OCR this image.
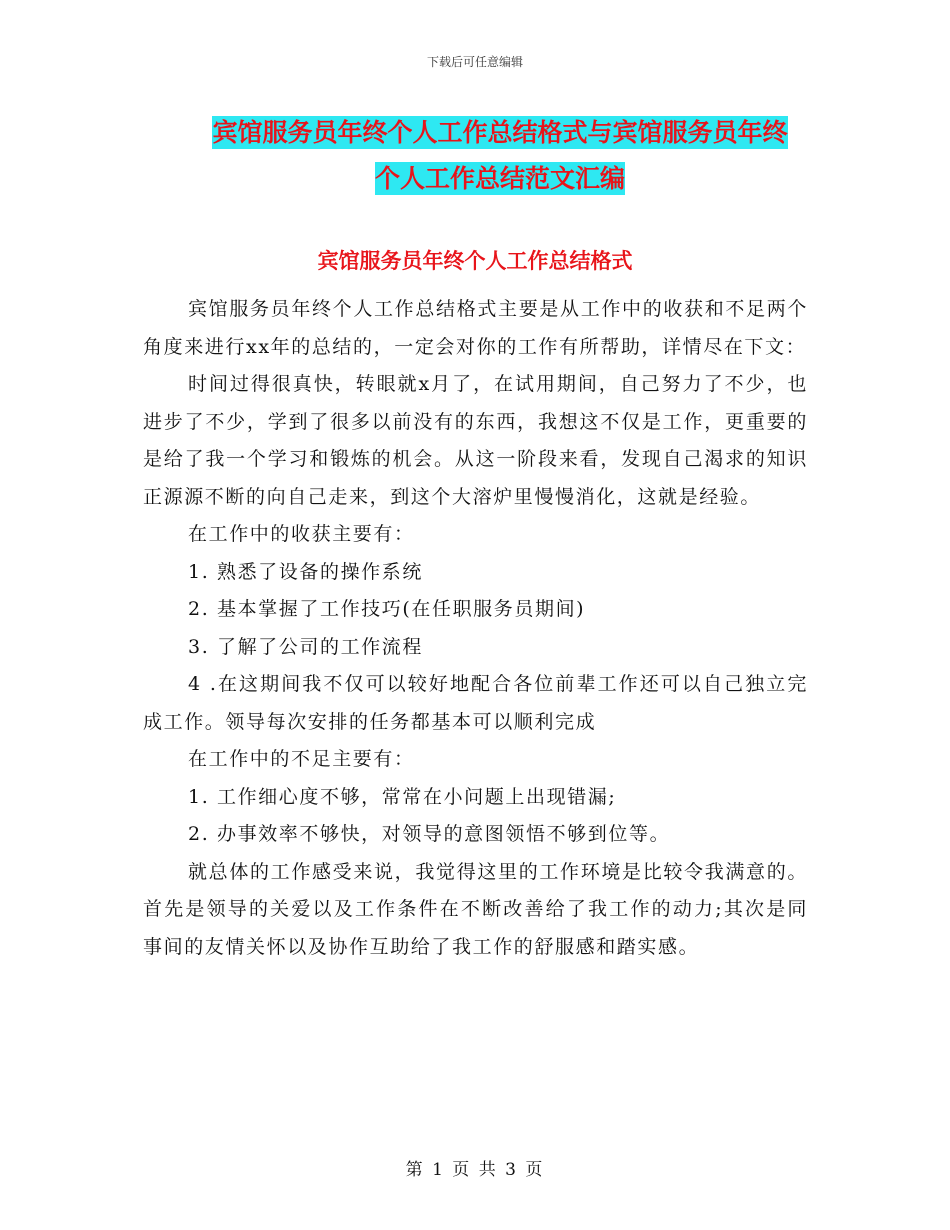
下载后可任意编辑
宾馆服务员年终个人工作总结格式与宾馆服务员年终
个人工作总结范文汇编
宾馆服务员年终个人工作总结格式

宾馆服务员年终个人工作总结格式主要是从工作中的收获和不足两个角度来进行xx年的总结的，一定会对你的工作有所帮助，详情尽在下文：

时间过得很真快，转眼就x月了，在试用期间，自己努力了不少，也进步了不少，学到了很多以前没有的东西，我想这不仅是工作，更重要的是给了我一个学习和锻炼的机会。从这一阶段来看，发现自己渴求的知识正源源不断的向自己走来，到这个大溶炉里慢慢消化，这就是经验。

在工作中的收获主要有：

1. 熟悉了设备的操作系统

2. 基本掌握了工作技巧(在任职服务员期间)

3. 了解了公司的工作流程

4 .在这期间我不仅可以较好地配合各位前辈工作还可以自己独立完成工作。领导每次安排的任务都基本可以顺利完成

在工作中的不足主要有：

1. 工作细心度不够，常常在小问题上出现错漏;

2. 办事效率不够快，对领导的意图领悟不够到位等。

就总体的工作感受来说，我觉得这里的工作环境是比较令我满意的。首先是领导的关爱以及工作条件在不断改善给了我工作的动力;其次是同事间的友情关怀以及协作互助给了我工作的舒服感和踏实感。

第 1 页 共 3 页
